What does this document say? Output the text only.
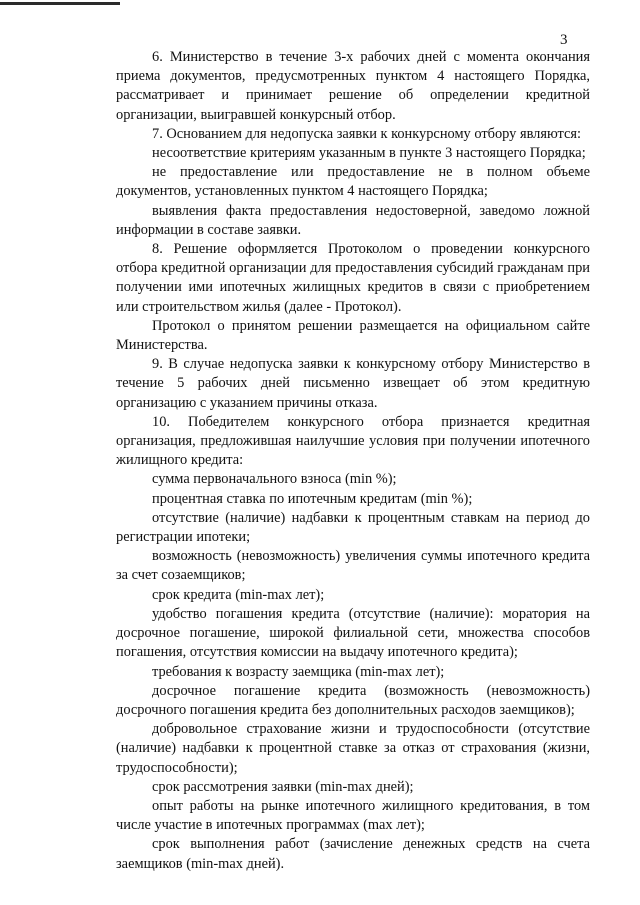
3

6. Министерство в течение 3-х рабочих дней с момента окончания приема документов, предусмотренных пунктом 4 настоящего Порядка, рассматривает и принимает решение об определении кредитной организации, выигравшей конкурсный отбор.

7. Основанием для недопуска заявки к конкурсному отбору являются:

несоответствие критериям указанным в пункте 3 настоящего Порядка;

не предоставление или предоставление не в полном объеме документов, установленных пунктом 4 настоящего Порядка;

выявления факта предоставления недостоверной, заведомо ложной информации в составе заявки.

8. Решение оформляется Протоколом о проведении конкурсного отбора кредитной организации для предоставления субсидий гражданам при получении ими ипотечных жилищных кредитов в связи с приобретением или строительством жилья (далее - Протокол).

Протокол о принятом решении размещается на официальном сайте Министерства.

9. В случае недопуска заявки к конкурсному отбору Министерство в течение 5 рабочих дней письменно извещает об этом кредитную организацию с указанием причины отказа.

10. Победителем конкурсного отбора признается кредитная организация, предложившая наилучшие условия при получении ипотечного жилищного кредита:

сумма первоначального взноса (min %);

процентная ставка по ипотечным кредитам (min %);

отсутствие (наличие) надбавки к процентным ставкам на период до регистрации ипотеки;

возможность (невозможность) увеличения суммы ипотечного кредита за счет созаемщиков;

срок кредита (min-max лет);

удобство погашения кредита (отсутствие (наличие): моратория на досрочное погашение, широкой филиальной сети, множества способов погашения, отсутствия комиссии на выдачу ипотечного кредита);

требования к возрасту заемщика (min-max лет);

досрочное погашение кредита (возможность (невозможность) досрочного погашения кредита без дополнительных расходов заемщиков);

добровольное страхование жизни и трудоспособности (отсутствие (наличие) надбавки к процентной ставке за отказ от страхования (жизни, трудоспособности);

срок рассмотрения заявки (min-max дней);

опыт работы на рынке ипотечного жилищного кредитования, в том числе участие в ипотечных программах (max лет);

срок выполнения работ (зачисление денежных средств на счета заемщиков (min-max дней).
